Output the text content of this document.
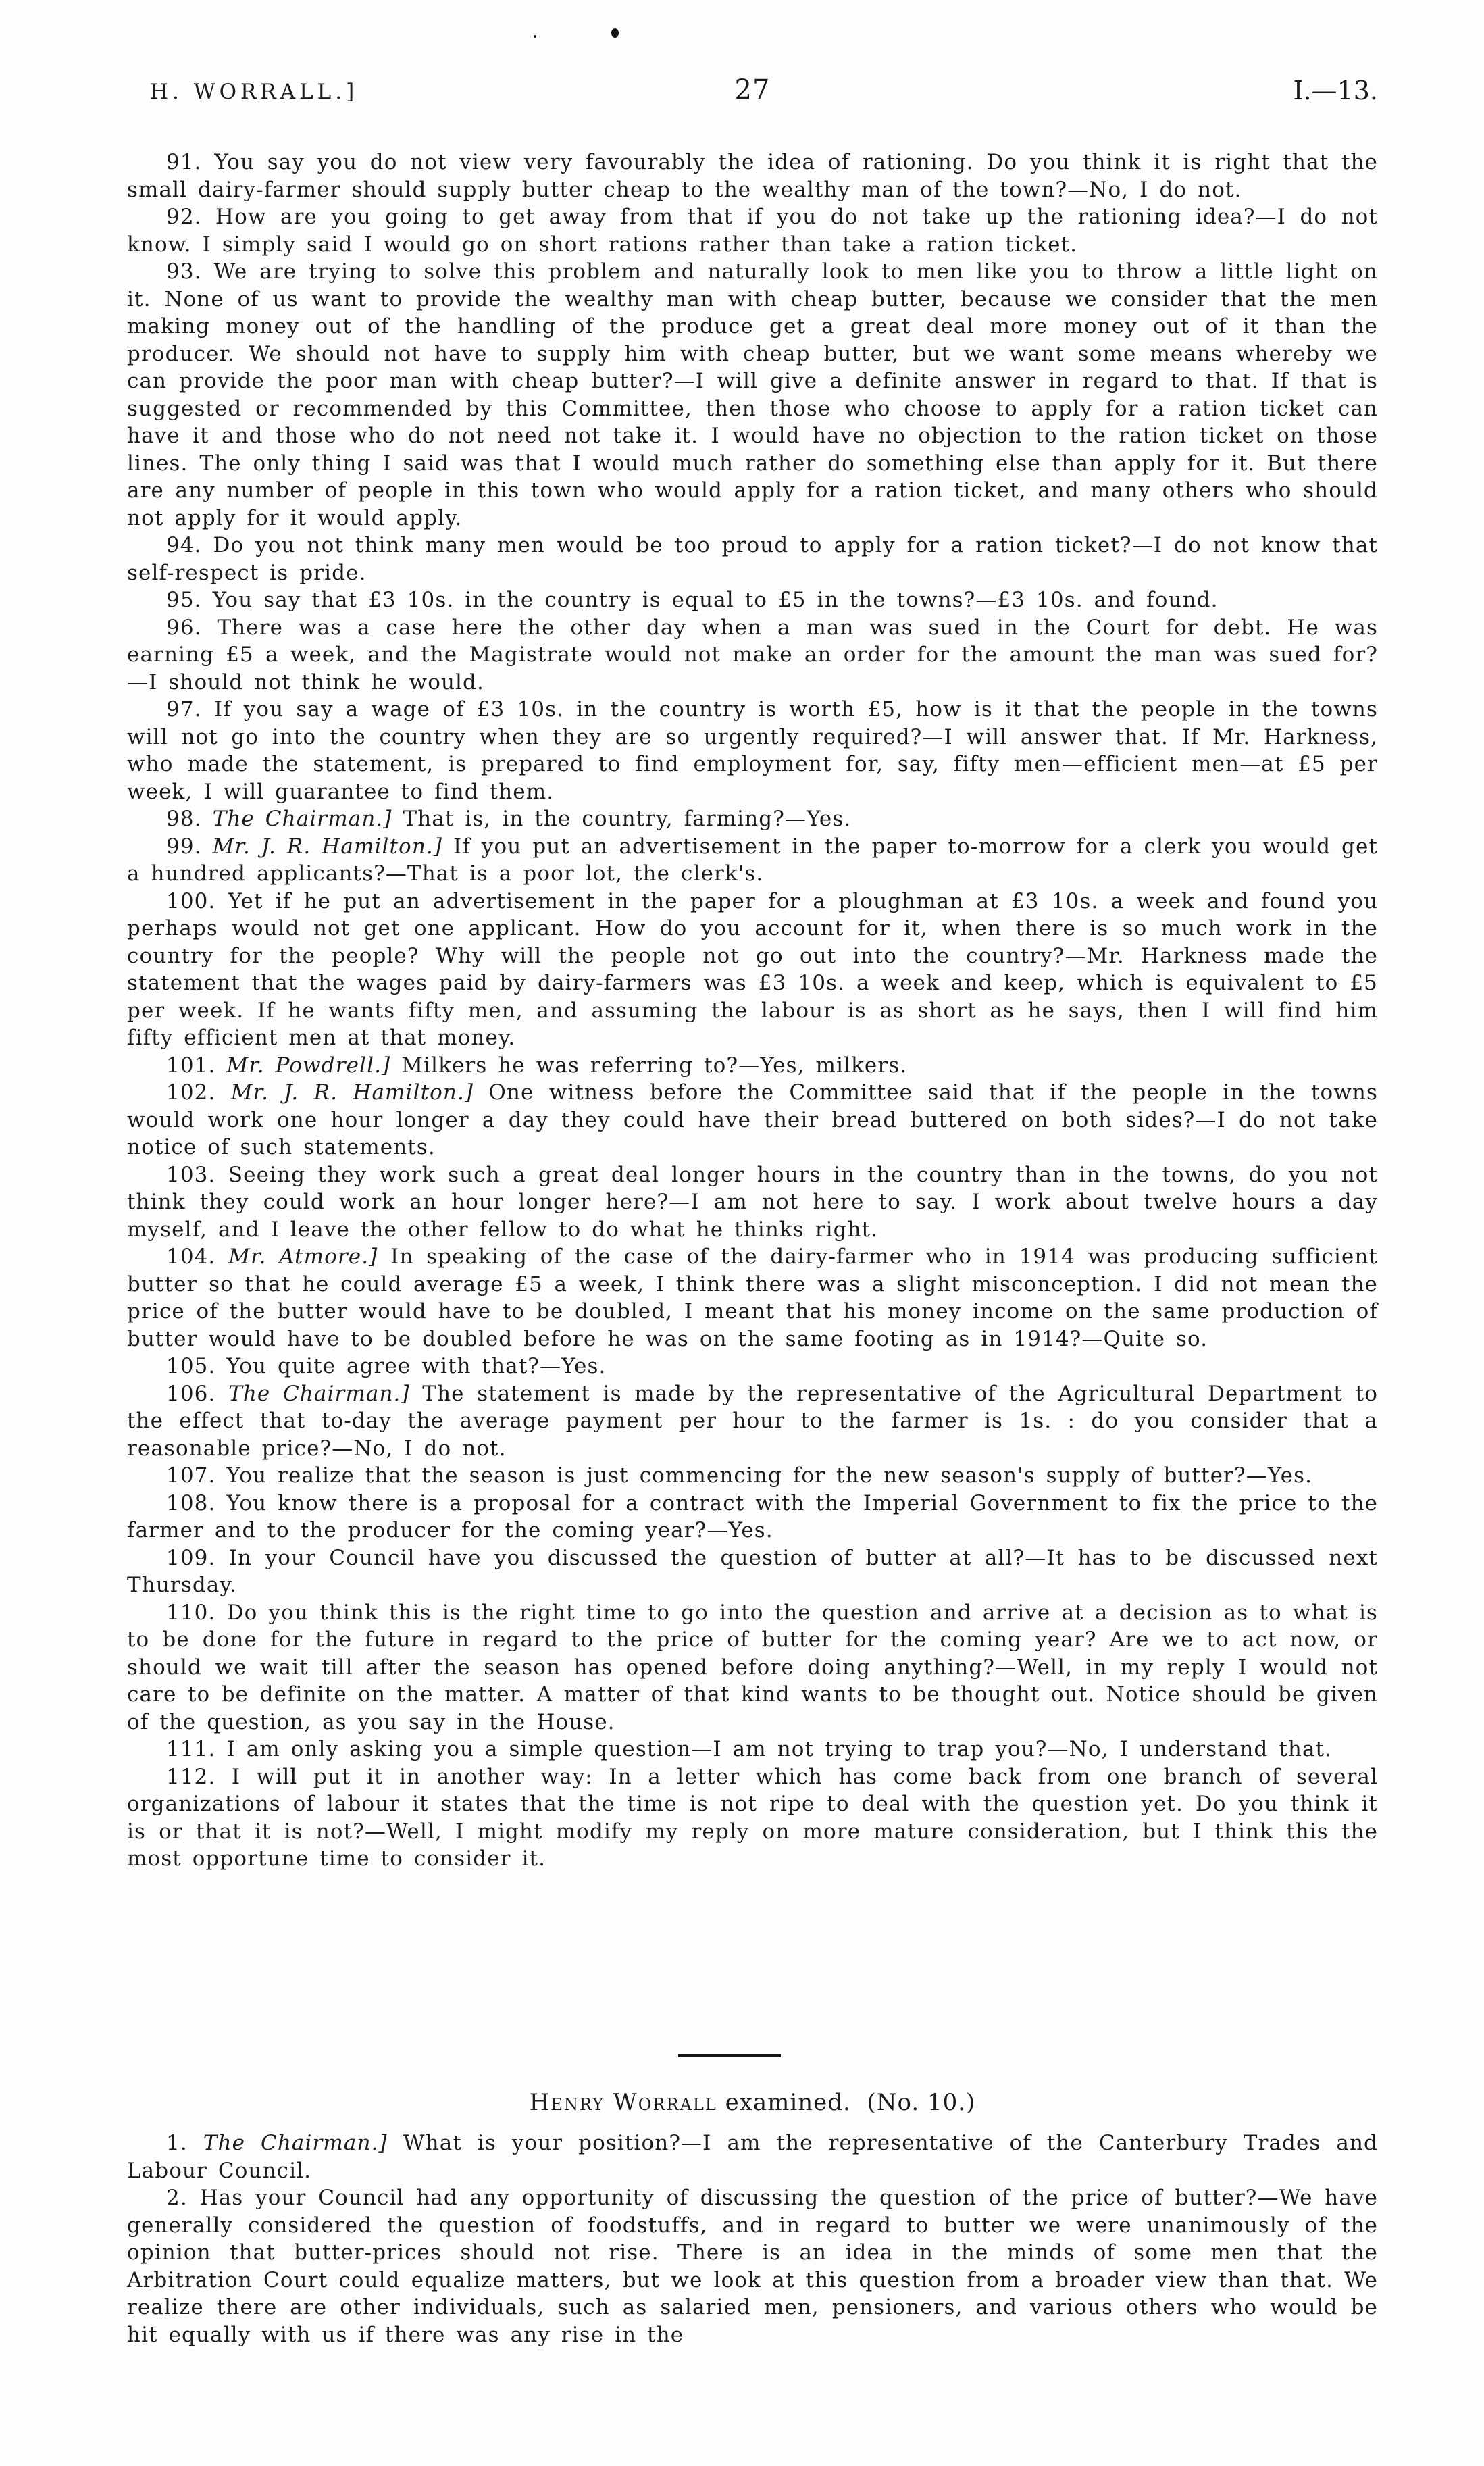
H. WORRALL.]	27	I.—13.

91. You say you do not view very favourably the idea of rationing. Do you think it is right that the small dairy-farmer should supply butter cheap to the wealthy man of the town?—No, I do not.

92. How are you going to get away from that if you do not take up the rationing idea?—I do not know. I simply said I would go on short rations rather than take a ration ticket.

93. We are trying to solve this problem and naturally look to men like you to throw a little light on it. None of us want to provide the wealthy man with cheap butter, because we consider that the men making money out of the handling of the produce get a great deal more money out of it than the producer. We should not have to supply him with cheap butter, but we want some means whereby we can provide the poor man with cheap butter?—I will give a definite answer in regard to that. If that is suggested or recommended by this Committee, then those who choose to apply for a ration ticket can have it and those who do not need not take it. I would have no objection to the ration ticket on those lines. The only thing I said was that I would much rather do something else than apply for it. But there are any number of people in this town who would apply for a ration ticket, and many others who should not apply for it would apply.

94. Do you not think many men would be too proud to apply for a ration ticket?—I do not know that self-respect is pride.

95. You say that £3 10s. in the country is equal to £5 in the towns?—£3 10s. and found.

96. There was a case here the other day when a man was sued in the Court for debt. He was earning £5 a week, and the Magistrate would not make an order for the amount the man was sued for?—I should not think he would.

97. If you say a wage of £3 10s. in the country is worth £5, how is it that the people in the towns will not go into the country when they are so urgently required?—I will answer that. If Mr. Harkness, who made the statement, is prepared to find employment for, say, fifty men—efficient men—at £5 per week, I will guarantee to find them.

98. The Chairman.] That is, in the country, farming?—Yes.

99. Mr. J. R. Hamilton.] If you put an advertisement in the paper to-morrow for a clerk you would get a hundred applicants?—That is a poor lot, the clerk's.

100. Yet if he put an advertisement in the paper for a ploughman at £3 10s. a week and found you perhaps would not get one applicant. How do you account for it, when there is so much work in the country for the people? Why will the people not go out into the country?—Mr. Harkness made the statement that the wages paid by dairy-farmers was £3 10s. a week and keep, which is equivalent to £5 per week. If he wants fifty men, and assuming the labour is as short as he says, then I will find him fifty efficient men at that money.

101. Mr. Powdrell.] Milkers he was referring to?—Yes, milkers.

102. Mr. J. R. Hamilton.] One witness before the Committee said that if the people in the towns would work one hour longer a day they could have their bread buttered on both sides?—I do not take notice of such statements.

103. Seeing they work such a great deal longer hours in the country than in the towns, do you not think they could work an hour longer here?—I am not here to say. I work about twelve hours a day myself, and I leave the other fellow to do what he thinks right.

104. Mr. Atmore.] In speaking of the case of the dairy-farmer who in 1914 was producing sufficient butter so that he could average £5 a week, I think there was a slight misconception. I did not mean the price of the butter would have to be doubled, I meant that his money income on the same production of butter would have to be doubled before he was on the same footing as in 1914?—Quite so.

105. You quite agree with that?—Yes.

106. The Chairman.] The statement is made by the representative of the Agricultural Department to the effect that to-day the average payment per hour to the farmer is 1s. : do you consider that a reasonable price?—No, I do not.

107. You realize that the season is just commencing for the new season's supply of butter?—Yes.

108. You know there is a proposal for a contract with the Imperial Government to fix the price to the farmer and to the producer for the coming year?—Yes.

109. In your Council have you discussed the question of butter at all?—It has to be discussed next Thursday.

110. Do you think this is the right time to go into the question and arrive at a decision as to what is to be done for the future in regard to the price of butter for the coming year? Are we to act now, or should we wait till after the season has opened before doing anything?—Well, in my reply I would not care to be definite on the matter. A matter of that kind wants to be thought out. Notice should be given of the question, as you say in the House.

111. I am only asking you a simple question—I am not trying to trap you?—No, I understand that.

112. I will put it in another way: In a letter which has come back from one branch of several organizations of labour it states that the time is not ripe to deal with the question yet. Do you think it is or that it is not?—Well, I might modify my reply on more mature consideration, but I think this the most opportune time to consider it.

Henry Worrall examined.  (No. 10.)

1. The Chairman.] What is your position?—I am the representative of the Canterbury Trades and Labour Council.

2. Has your Council had any opportunity of discussing the question of the price of butter?—We have generally considered the question of foodstuffs, and in regard to butter we were unanimously of the opinion that butter-prices should not rise. There is an idea in the minds of some men that the Arbitration Court could equalize matters, but we look at this question from a broader view than that. We realize there are other individuals, such as salaried men, pensioners, and various others who would be hit equally with us if there was any rise in the
